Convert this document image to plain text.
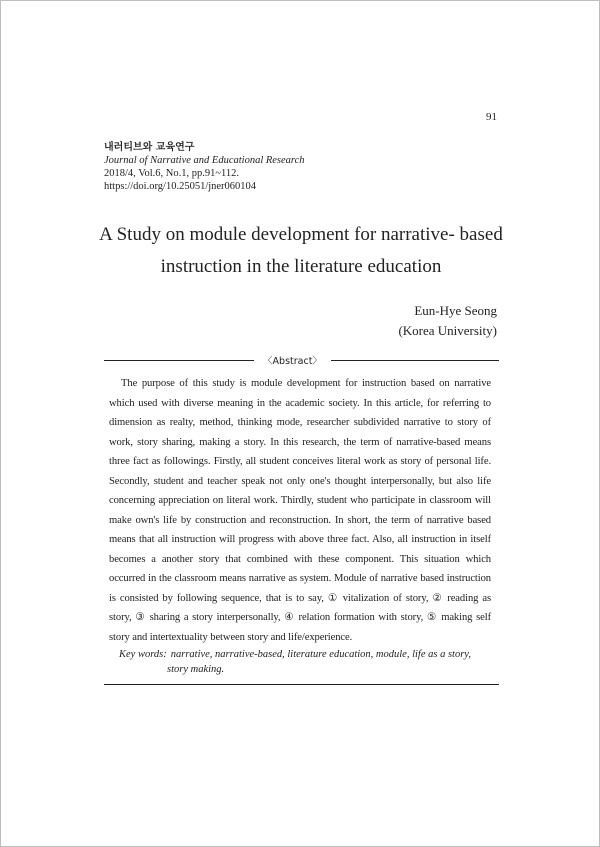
91
내러티브와 교육연구
Journal of Narrative and Educational Research
2018/4, Vol.6, No.1, pp.91~112.
https://doi.org/10.25051/jner060104
A Study on module development for narrative- based
instruction in the literature education
Eun-Hye Seong
(Korea University)
〈Abstract〉

The purpose of this study is module development for instruction based on narrative which used with diverse meaning in the academic society. In this article, for referring to dimension as realty, method, thinking mode, researcher subdivided narrative to story of work, story sharing, making a story. In this research, the term of narrative-based means three fact as followings. Firstly, all student conceives literal work as story of personal life. Secondly, student and teacher speak not only one's thought interpersonally, but also life concerning appreciation on literal work. Thirdly, student who participate in classroom will make own's life by construction and reconstruction. In short, the term of narrative based means that all instruction will progress with above three fact. Also, all instruction in itself becomes a another story that combined with these component. This situation which occurred in the classroom means narrative as system. Module of narrative based instruction is consisted by following sequence, that is to say, ① vitalization of story, ② reading as story, ③ sharing a story interpersonally, ④ relation formation with story, ⑤ making self story and intertextuality between story and life/experience.

Key words: narrative, narrative-based, literature education, module, life as a story,
story making.
